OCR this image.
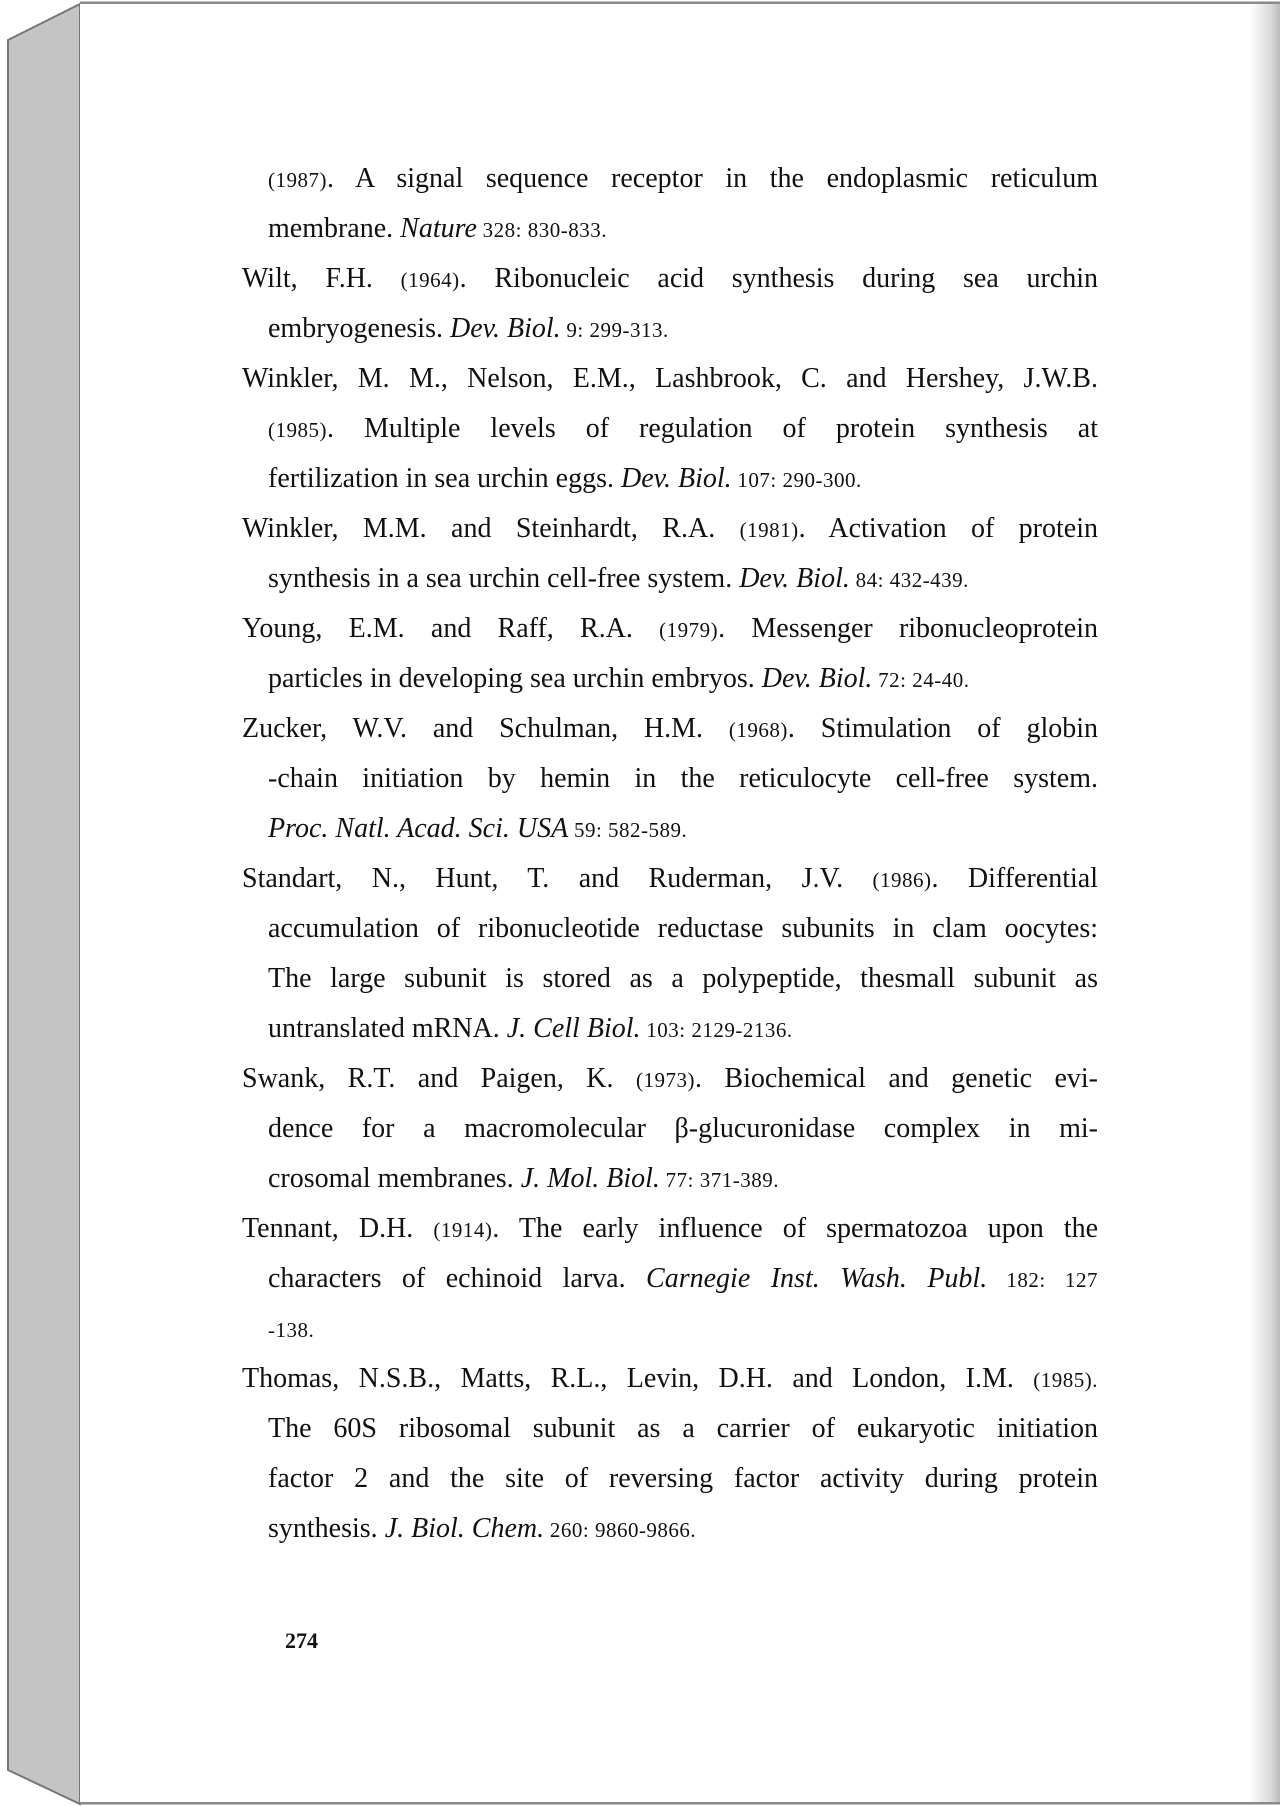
(1987). A signal sequence receptor in the endoplasmic reticulum
membrane. Nature 328: 830-833.
Wilt, F.H. (1964). Ribonucleic acid synthesis during sea urchin
embryogenesis. Dev. Biol. 9: 299-313.
Winkler, M. M., Nelson, E.M., Lashbrook, C. and Hershey, J.W.B.
(1985). Multiple levels of regulation of protein synthesis at
fertilization in sea urchin eggs. Dev. Biol. 107: 290-300.
Winkler, M.M. and Steinhardt, R.A. (1981). Activation of protein
synthesis in a sea urchin cell-free system. Dev. Biol. 84: 432-439.
Young, E.M. and Raff, R.A. (1979). Messenger ribonucleoprotein
particles in developing sea urchin embryos. Dev. Biol. 72: 24-40.
Zucker, W.V. and Schulman, H.M. (1968). Stimulation of globin
-chain initiation by hemin in the reticulocyte cell-free system.
Proc. Natl. Acad. Sci. USA 59: 582-589.
Standart, N., Hunt, T. and Ruderman, J.V. (1986). Differential
accumulation of ribonucleotide reductase subunits in clam oocytes:
The large subunit is stored as a polypeptide, thesmall subunit as
untranslated mRNA. J. Cell Biol. 103: 2129-2136.
Swank, R.T. and Paigen, K. (1973). Biochemical and genetic evi-
dence for a macromolecular β-glucuronidase complex in mi-
crosomal membranes. J. Mol. Biol. 77: 371-389.
Tennant, D.H. (1914). The early influence of spermatozoa upon the
characters of echinoid larva. Carnegie Inst. Wash. Publ. 182: 127
-138.
Thomas, N.S.B., Matts, R.L., Levin, D.H. and London, I.M. (1985).
The 60S ribosomal subunit as a carrier of eukaryotic initiation
factor 2 and the site of reversing factor activity during protein
synthesis. J. Biol. Chem. 260: 9860-9866.
274
